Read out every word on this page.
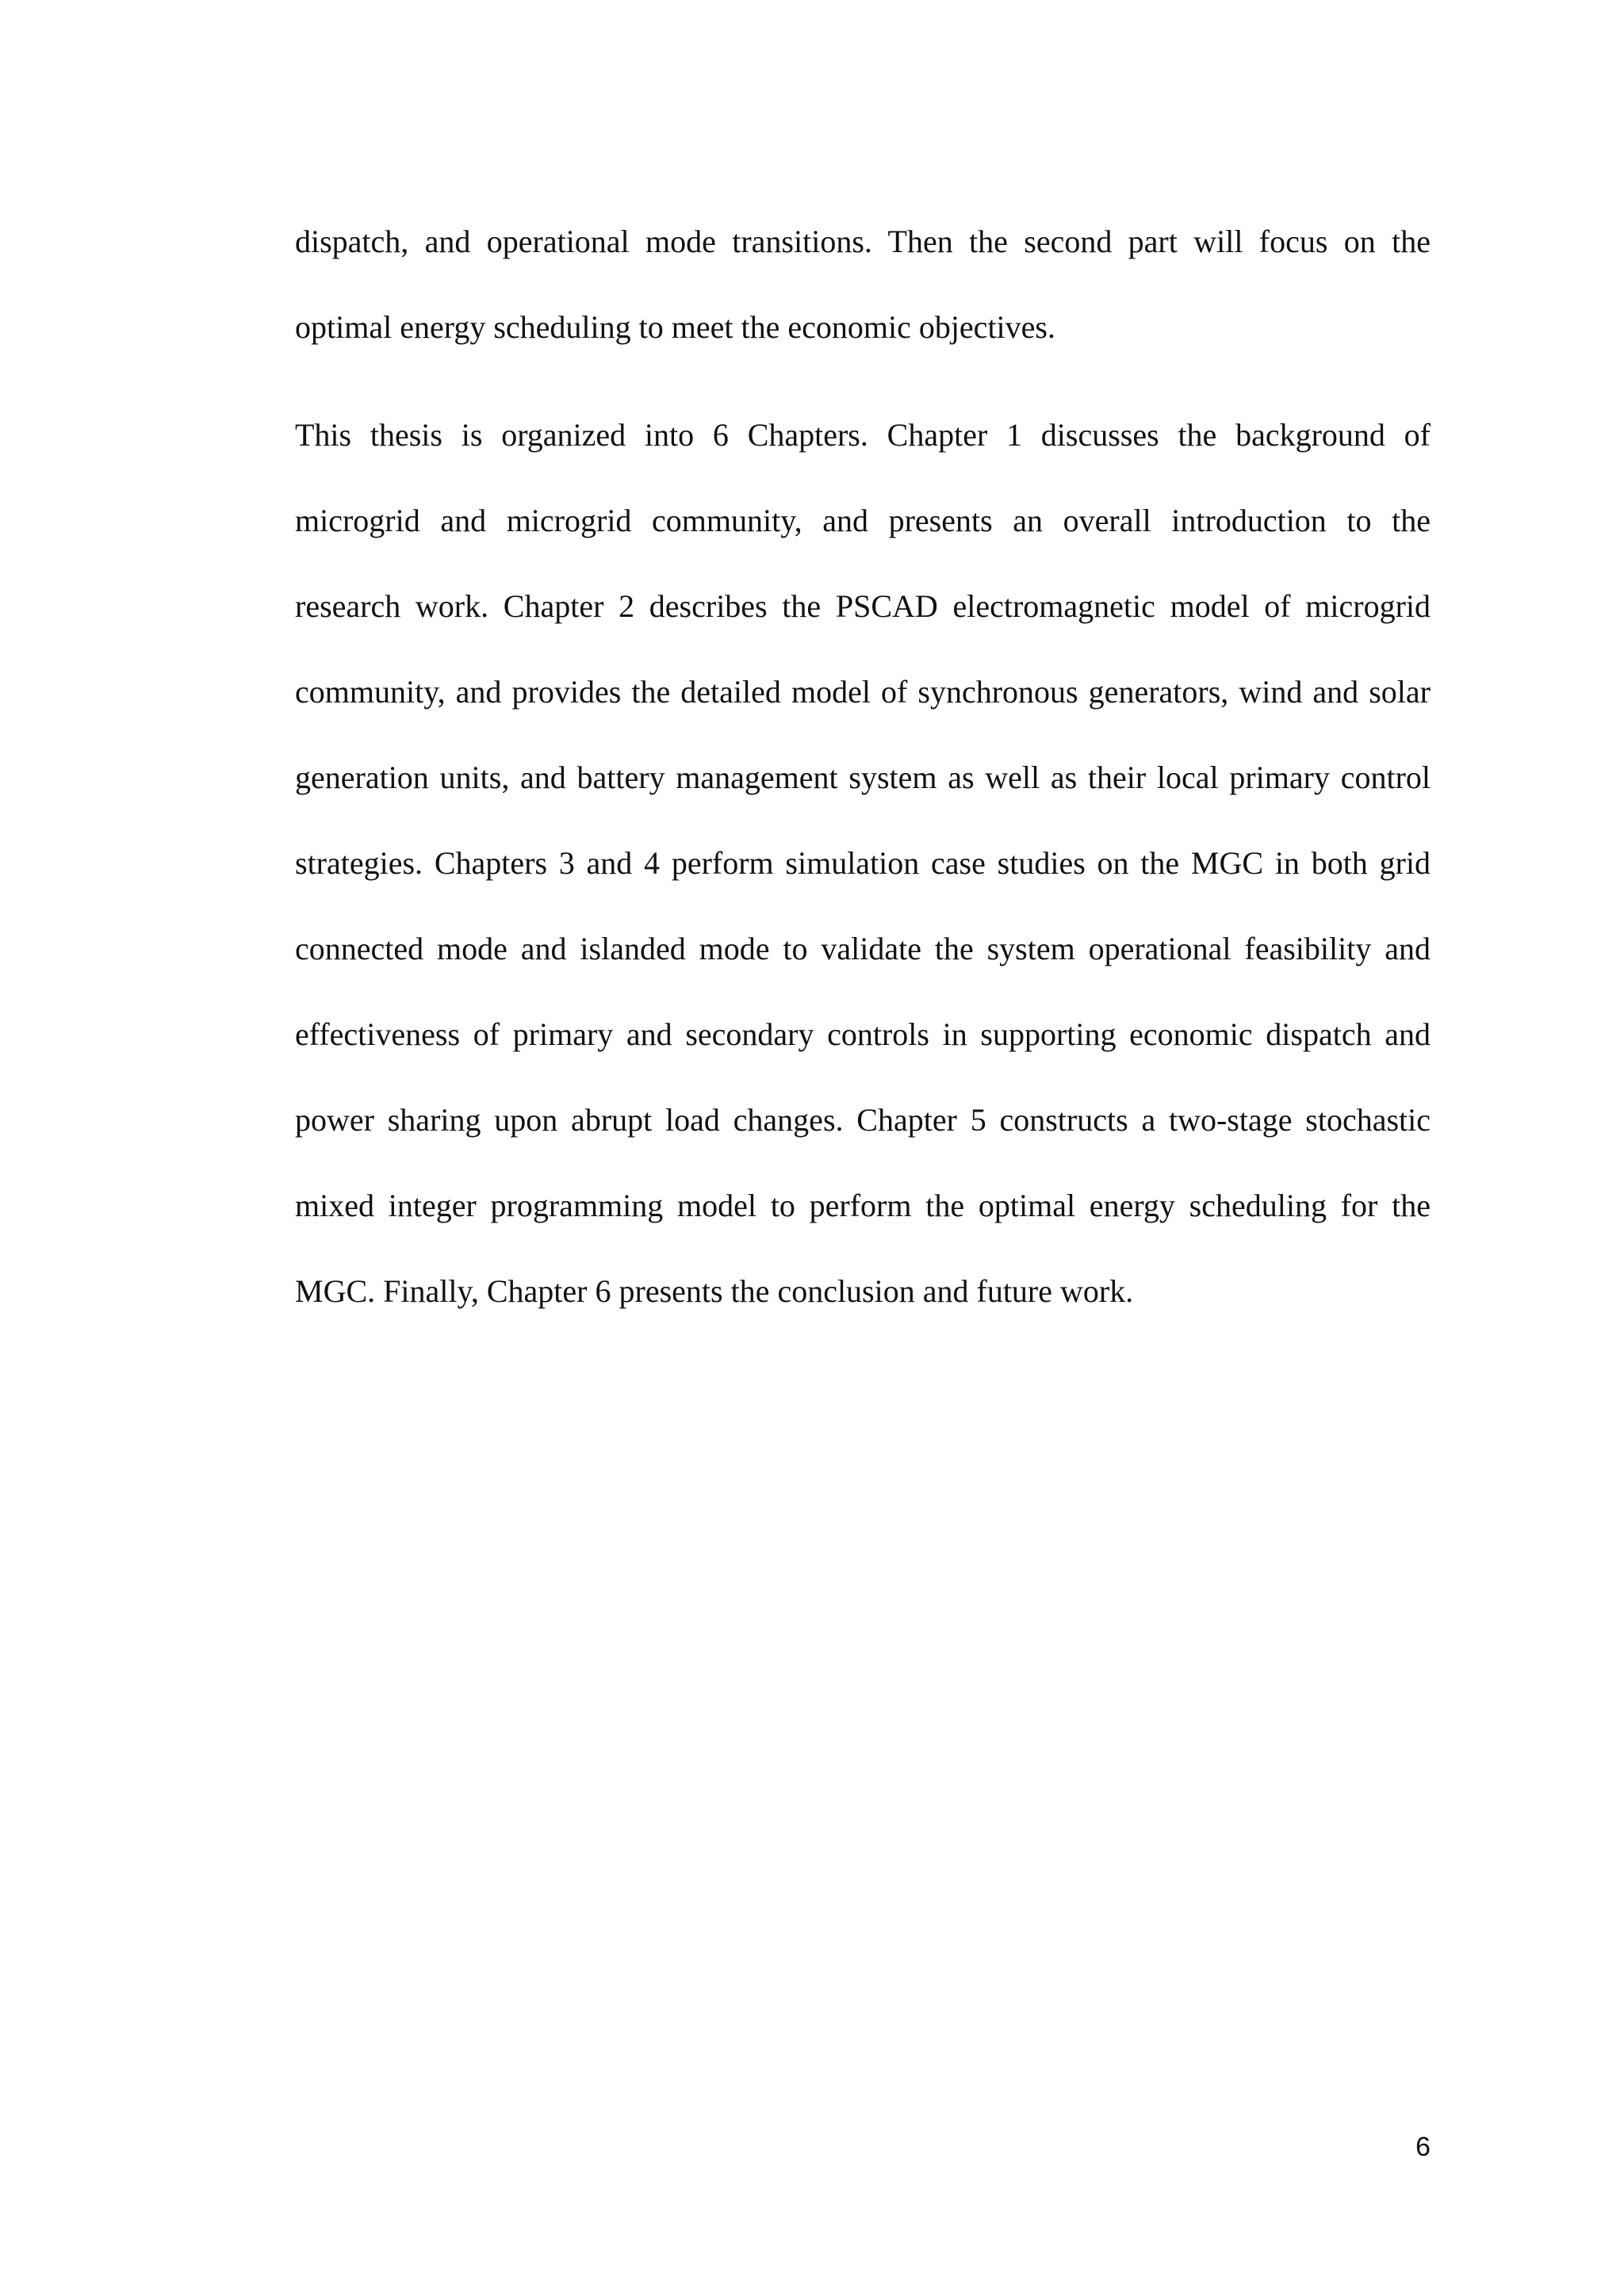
dispatch, and operational mode transitions. Then the second part will focus on the
optimal energy scheduling to meet the economic objectives.
This thesis is organized into 6 Chapters. Chapter 1 discusses the background of
microgrid and microgrid community, and presents an overall introduction to the
research work. Chapter 2 describes the PSCAD electromagnetic model of microgrid
community, and provides the detailed model of synchronous generators, wind and solar
generation units, and battery management system as well as their local primary control
strategies. Chapters 3 and 4 perform simulation case studies on the MGC in both grid
connected mode and islanded mode to validate the system operational feasibility and
effectiveness of primary and secondary controls in supporting economic dispatch and
power sharing upon abrupt load changes. Chapter 5 constructs a two-stage stochastic
mixed integer programming model to perform the optimal energy scheduling for the
MGC. Finally, Chapter 6 presents the conclusion and future work.
6
